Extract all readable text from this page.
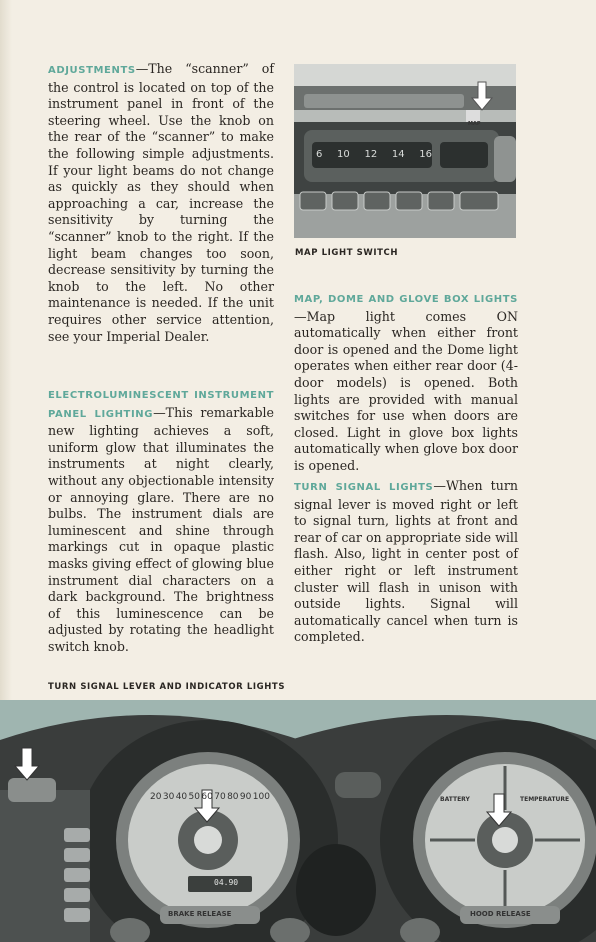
ADJUSTMENTS—The “scanner” of the control is located on top of the instrument panel in front of the steering wheel. Use the knob on the rear of the “scanner” to make the following simple adjustments. If your light beams do not change as quickly as they should when approaching a car, increase the sensitivity by turning the “scanner” knob to the right. If the light beam changes too soon, decrease sensitivity by turning the knob to the left. No other maintenance is needed. If the unit requires other service attention, see your Imperial Dealer.
ELECTROLUMINESCENT INSTRUMENT PANEL LIGHTING—This remarkable new lighting achieves a soft, uniform glow that illuminates the instruments at night clearly, without any objectionable intensity or annoying glare. There are no bulbs. The instrument dials are luminescent and shine through markings cut in opaque plastic masks giving effect of glowing blue instrument dial characters on a dark background. The brightness of this luminescence can be adjusted by rotating the headlight switch knob.
MAP
6 10 12 14 16
MAP LIGHT SWITCH
MAP, DOME AND GLOVE BOX LIGHTS—Map light comes ON automatically when either front door is opened and the Dome light operates when either rear door (4-door models) is opened. Both lights are provided with manual switches for use when doors are closed. Light in glove box lights automatically when glove box door is opened.
TURN SIGNAL LIGHTS—When turn signal lever is moved right or left to signal turn, lights at front and rear of car on appropriate side will flash. Also, light in center post of either right or left instrument cluster will flash in unison with outside lights. Signal will automatically cancel when turn is completed.
TURN SIGNAL LEVER AND INDICATOR LIGHTS
20 30 40 50 60 70 80 90 100
04.90
BRAKE RELEASE	HOOD RELEASE
BATTERY	TEMPERATURE
